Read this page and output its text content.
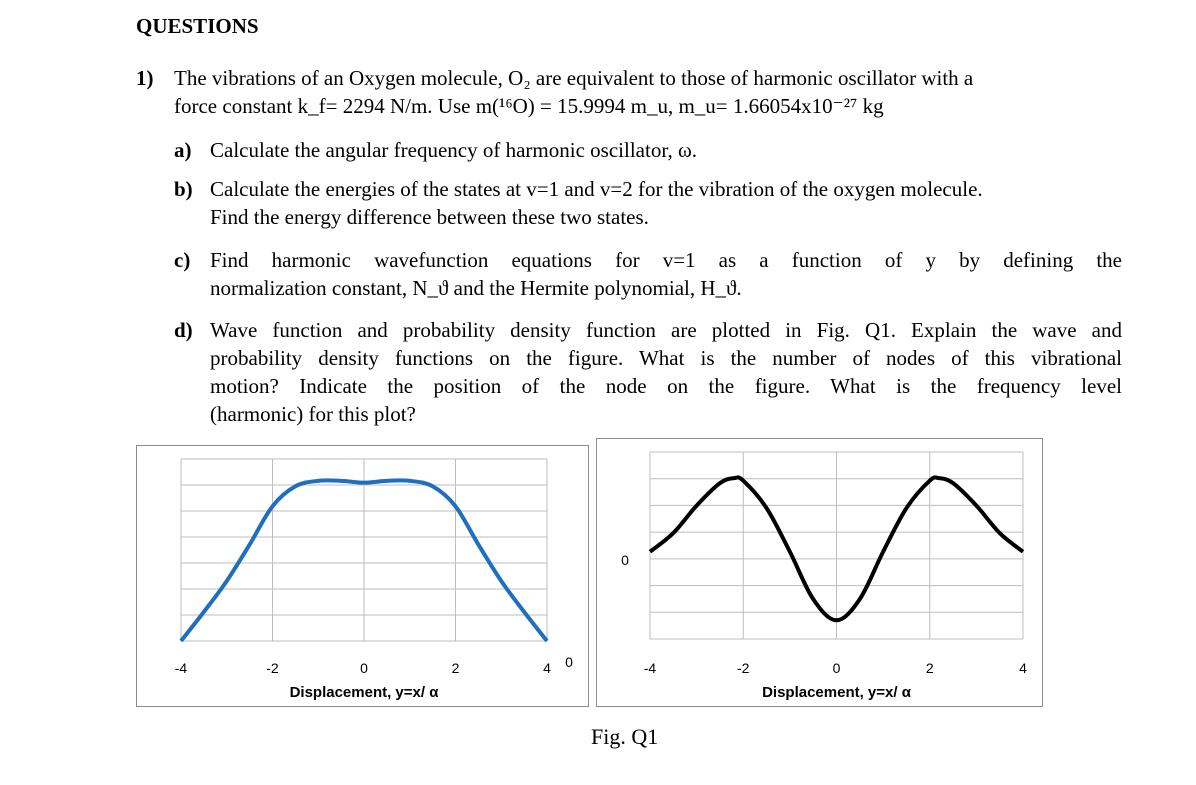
QUESTIONS
1) The vibrations of an Oxygen molecule, O₂ are equivalent to those of harmonic oscillator with a
force constant k_f= 2294 N/m. Use m(¹⁶O) = 15.9994 m_u, m_u= 1.66054x10⁻²⁷ kg
a) Calculate the angular frequency of harmonic oscillator, ω.
b) Calculate the energies of the states at v=1 and v=2 for the vibration of the oxygen molecule.
Find the energy difference between these two states.
c) Find harmonic wavefunction equations for v=1 as a function of y by defining the
normalization constant, N_ϑ and the Hermite polynomial, H_ϑ.
d) Wave function and probability density function are plotted in Fig. Q1. Explain the wave and
probability density functions on the figure. What is the number of nodes of this vibrational
motion? Indicate the position of the node on the figure. What is the frequency level
(harmonic) for this plot?
-4	-2	0	2	4 0
Displacement, y=x/ α
-4	-2	0	2	4
0
Displacement, y=x/ α
Fig. Q1
